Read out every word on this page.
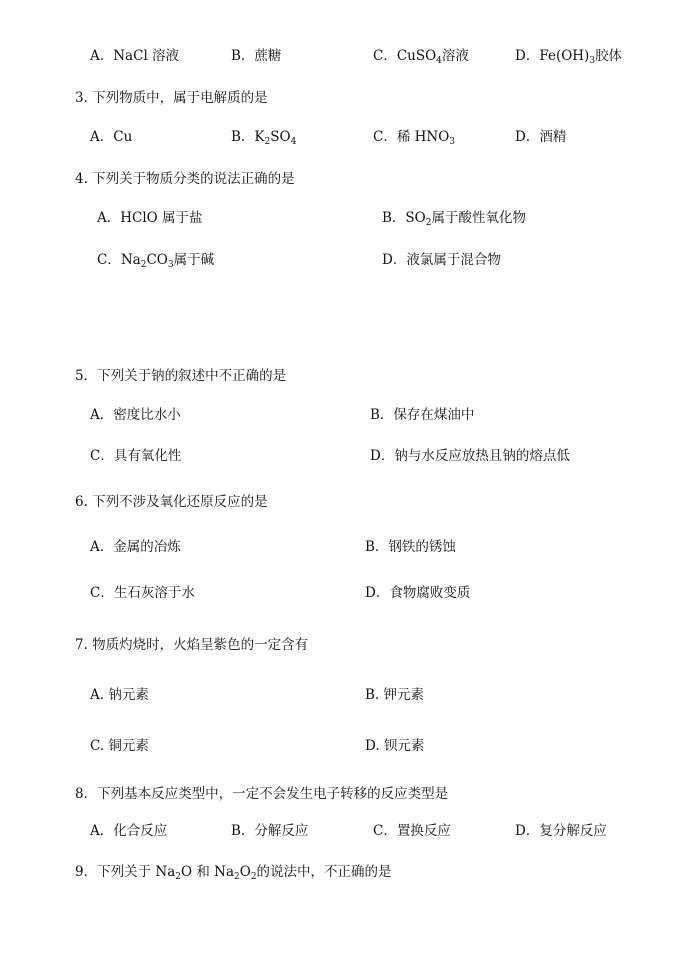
A．NaCl 溶液	B．蔗糖	C．CuSO$_4$溶液	D．$Fe(OH)_3$胶体
3. 下列物质中，属于电解质的是
A．Cu	B．$K_2SO_4$	C．稀 $HNO_3$	D．酒精
4. 下列关于物质分类的说法正确的是
A．HClO 属于盐	B．$SO_2$属于酸性氧化物
C．$Na_2CO_3$属于碱	D．液氯属于混合物
5．下列关于钠的叙述中不正确的是
A．密度比水小	B．保存在煤油中
C．具有氧化性	D．钠与水反应放热且钠的熔点低
6. 下列不涉及氧化还原反应的是
A．金属的冶炼	B．钢铁的锈蚀
C．生石灰溶于水	D．食物腐败变质
7. 物质灼烧时，火焰呈紫色的一定含有
A. 钠元素	B. 钾元素
C. 铜元素	D. 钡元素
8．下列基本反应类型中，一定不会发生电子转移的反应类型是
A．化合反应	B．分解反应	C．置换反应	D．复分解反应
9．下列关于 $Na_2O$ 和 $Na_2O_2$的说法中，不正确的是
